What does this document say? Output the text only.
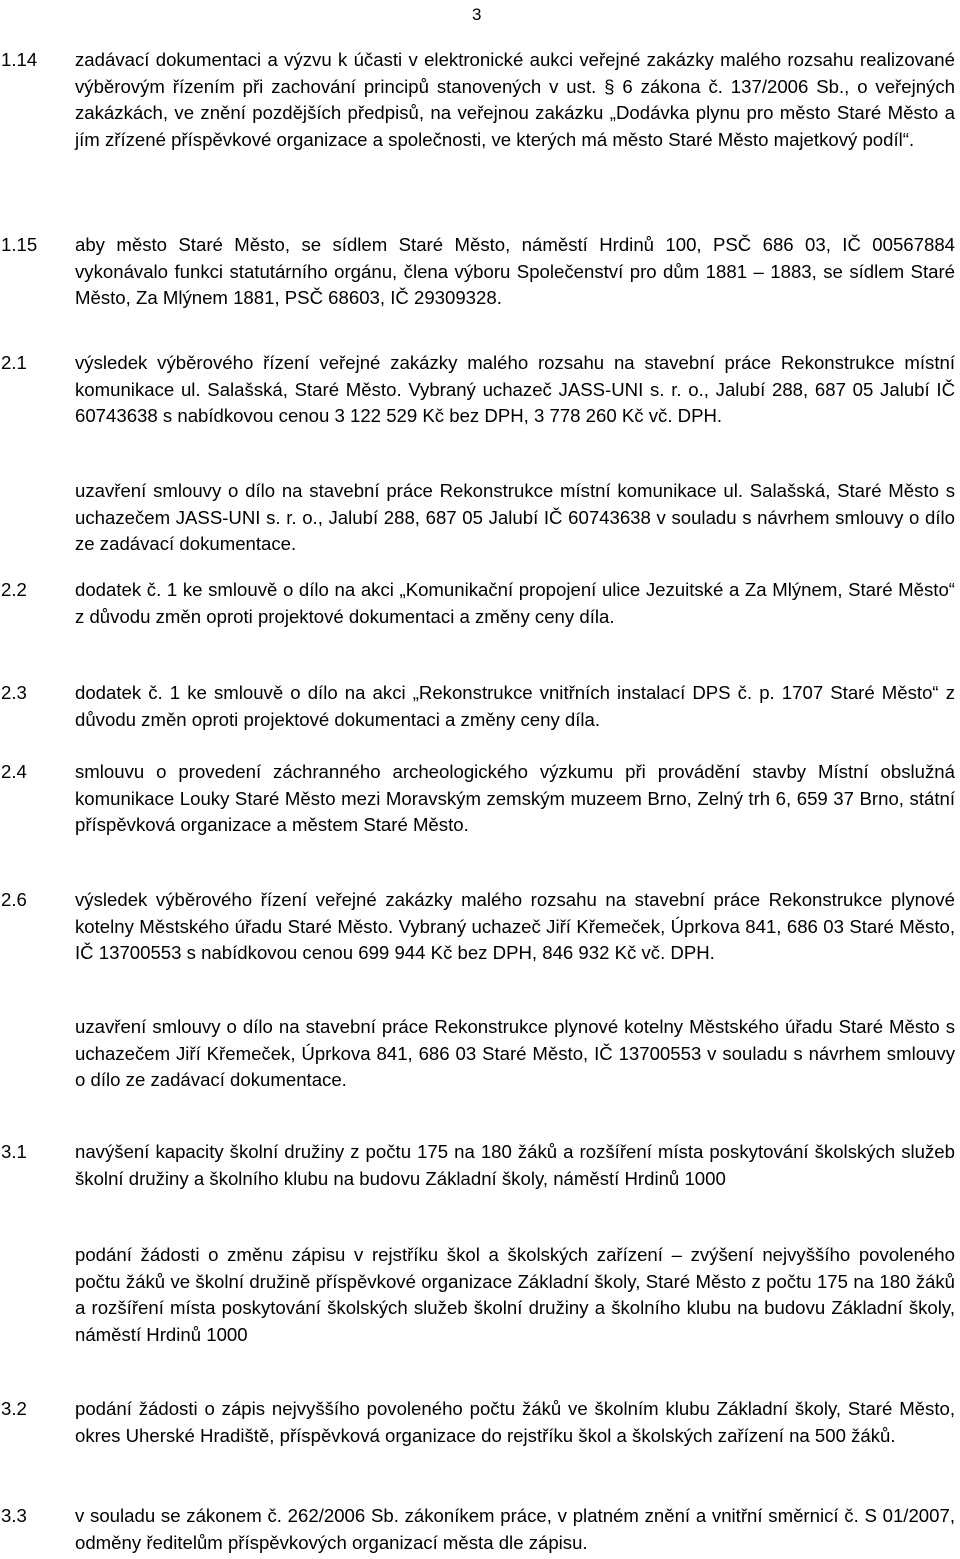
3
1.14 zadávací dokumentaci a výzvu k účasti v elektronické aukci veřejné zakázky malého rozsahu realizované výběrovým řízením při zachování principů stanovených v ust. § 6 zákona č. 137/2006 Sb., o veřejných zakázkách, ve znění pozdějších předpisů, na veřejnou zakázku „Dodávka plynu pro město Staré Město a jím zřízené příspěvkové organizace a společnosti, ve kterých má město Staré Město majetkový podíl“.
1.15 aby město Staré Město, se sídlem Staré Město, náměstí Hrdinů 100, PSČ 686 03, IČ 00567884 vykonávalo funkci statutárního orgánu, člena výboru Společenství pro dům 1881 – 1883, se sídlem Staré Město, Za Mlýnem 1881, PSČ 68603, IČ 29309328.
2.1	výsledek výběrového řízení veřejné zakázky malého rozsahu na stavební práce Rekonstrukce místní komunikace ul. Salašská, Staré Město. Vybraný uchazeč JASS-UNI s. r. o., Jalubí 288, 687 05 Jalubí IČ 60743638 s nabídkovou cenou 3 122 529 Kč bez DPH, 3 778 260 Kč vč. DPH.
uzavření smlouvy o dílo na stavební práce Rekonstrukce místní komunikace ul. Salašská, Staré Město s uchazečem JASS-UNI s. r. o., Jalubí 288, 687 05 Jalubí IČ 60743638 v souladu s návrhem smlouvy o dílo ze zadávací dokumentace.
2.2	dodatek č. 1 ke smlouvě o dílo na akci „Komunikační propojení ulice Jezuitské a Za Mlýnem, Staré Město“ z důvodu změn oproti projektové dokumentaci a změny ceny díla.
2.3	dodatek č. 1 ke smlouvě o dílo na akci „Rekonstrukce vnitřních instalací DPS č. p. 1707 Staré Město“ z důvodu změn oproti projektové dokumentaci a změny ceny díla.
2.4	smlouvu o provedení záchranného archeologického výzkumu při provádění stavby Místní obslužná komunikace Louky Staré Město mezi Moravským zemským muzeem Brno, Zelný trh 6, 659 37 Brno, státní příspěvková organizace a městem Staré Město.
2.6	výsledek výběrového řízení veřejné zakázky malého rozsahu na stavební práce Rekonstrukce plynové kotelny Městského úřadu Staré Město. Vybraný uchazeč Jiří Křemeček, Úprkova 841, 686 03 Staré Město, IČ 13700553 s nabídkovou cenou 699 944 Kč bez DPH, 846 932 Kč vč. DPH.
uzavření smlouvy o dílo na stavební práce Rekonstrukce plynové kotelny Městského úřadu Staré Město s uchazečem Jiří Křemeček, Úprkova 841, 686 03 Staré Město, IČ 13700553 v souladu s návrhem smlouvy o dílo ze zadávací dokumentace.
3.1	navýšení kapacity školní družiny z počtu 175 na 180 žáků a rozšíření místa poskytování školských služeb školní družiny a školního klubu na budovu Základní školy, náměstí Hrdinů 1000
podání žádosti o změnu zápisu v rejstříku škol a školských zařízení – zvýšení nejvyššího povoleného počtu žáků ve školní družině příspěvkové organizace Základní školy, Staré Město z počtu 175 na 180 žáků a rozšíření místa poskytování školských služeb školní družiny a školního klubu na budovu Základní školy, náměstí Hrdinů 1000
3.2	podání žádosti o zápis nejvyššího povoleného počtu žáků ve školním klubu Základní školy, Staré Město, okres Uherské Hradiště, příspěvková organizace do rejstříku škol a školských zařízení na 500 žáků.
3.3	v souladu se zákonem č. 262/2006 Sb. zákoníkem práce, v platném znění a vnitřní směrnicí č. S 01/2007, odměny ředitelům příspěvkových organizací města dle zápisu.
